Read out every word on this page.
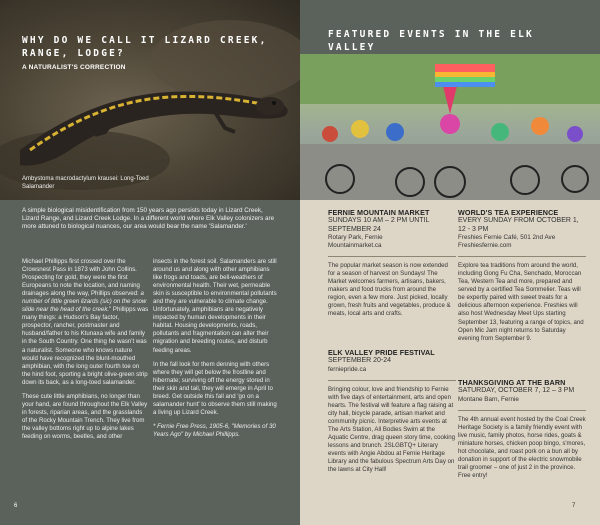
WHY DO WE CALL IT LIZARD CREEK, RANGE, LODGE?
A NATURALIST'S CORRECTION
Ambystoma macrodactylum krausei: Long-Toed Salamander
A simple biological misidentification from 150 years ago persists today in Lizard Creek, Lizard Range, and Lizard Creek Lodge. In a different world where Elk Valley colonizers are more attuned to biological nuances, our area would bear the name 'Salamander.'

Michael Phillipps first crossed over the Crowsnest Pass in 1873 with John Collins. Prospecting for gold, they were the first Europeans to note the location, and naming drainages along the way, Phillips observed: a number of little green lizards (sic) on the snow slide near the head of the creek." Phillipps was many things: a Hudson's Bay factor, prospector, rancher, postmaster and husband/father to his Ktunaxa wife and family in the South Country. One thing he wasn't was a naturalist. Someone who knows nature would have recognized the blunt-mouthed amphibian, with the long outer fourth toe on the hind foot, sporting a bright olive-green strip down its back, as a long-toed salamander.

These cute little amphibians, no longer than your hand, are found throughout the Elk Valley in forests, riparian areas, and the grasslands of the Rocky Mountain Trench. They live from the valley bottoms right up to alpine lakes feeding on worms, beetles, and other

insects in the forest soil. Salamanders are still around us and along with other amphibians like frogs and toads, are bell-weathers of environmental health. Their wet, permeable skin is susceptible to environmental pollutants and they are vulnerable to climate change. Unfortunately, amphibians are negatively impacted by human developments in their habitat. Housing developments, roads, pollutants and fragmentation can alter their migration and breeding routes, and disturb feeding areas.

In the fall look for them denning with others where they will get below the frostline and hibernate; surviving off the energy stored in their skin and tail, they will emerge in April to breed. Get outside this fall and 'go on a salamander hunt' to observe them still making a living up Lizard Creek.

* Fernie Free Press, 1905-6, "Memories of 30 Years Ago" by Michael Phillipps.

6
FEATURED EVENTS IN THE ELK VALLEY
FERNIE MOUNTAIN MARKET
SUNDAYS 10 AM – 2 PM UNTIL SEPTEMBER 24
Rotary Park, Fernie
Mountainmarket.ca
The popular market season is now extended for a season of harvest on Sundays! The Market welcomes farmers, artisans, bakers, makers and food trucks from around the region, even a few more. Just picked, locally grown, fresh fruits and vegetables, produce & meats, local arts and crafts.
ELK VALLEY PRIDE FESTIVAL
SEPTEMBER 20-24
ferniepride.ca
Bringing colour, love and friendship to Fernie with five days of entertainment, arts and open hearts. The festival will feature a flag raising at city hall, bicycle parade, artisan market and community picnic. Interpretive arts events at The Arts Station, All Bodies Swim at the Aquatic Centre, drag queen story time, cooking lessons and brunch. 2SLGBTQ+ Literary events with Angie Abdou at Fernie Heritage Library and the fabulous Spectrum Arts Day on the lawns at City Hall!
WORLD'S TEA EXPERIENCE
EVERY SUNDAY FROM OCTOBER 1, 12 - 3 PM
Freshies Fernie Café, 501 2nd Ave
Freshiesfernie.com
Explore tea traditions from around the world, including Gong Fu Cha, Senchado, Moroccan Tea, Western Tea and more, prepared and served by a certified Tea Sommelier. Teas will be expertly paired with sweet treats for a delicious afternoon experience. Freshies will also host Wednesday Meet Ups starting September 13, featuring a range of topics, and Open Mic Jam night returns to Saturday evening from September 9.
THANKSGIVING AT THE BARN
SATURDAY, OCTOBER 7, 12 – 3 PM
Montane Barn, Fernie
The 4th annual event hosted by the Coal Creek Heritage Society is a family friendly event with live music, family photos, horse rides, goats & miniature horses, chicken poop bingo, s'mores, hot chocolate, and roast pork on a bun all by donation in support of the electric snowmobile trail groomer – one of just 2 in the province. Free entry!
7
